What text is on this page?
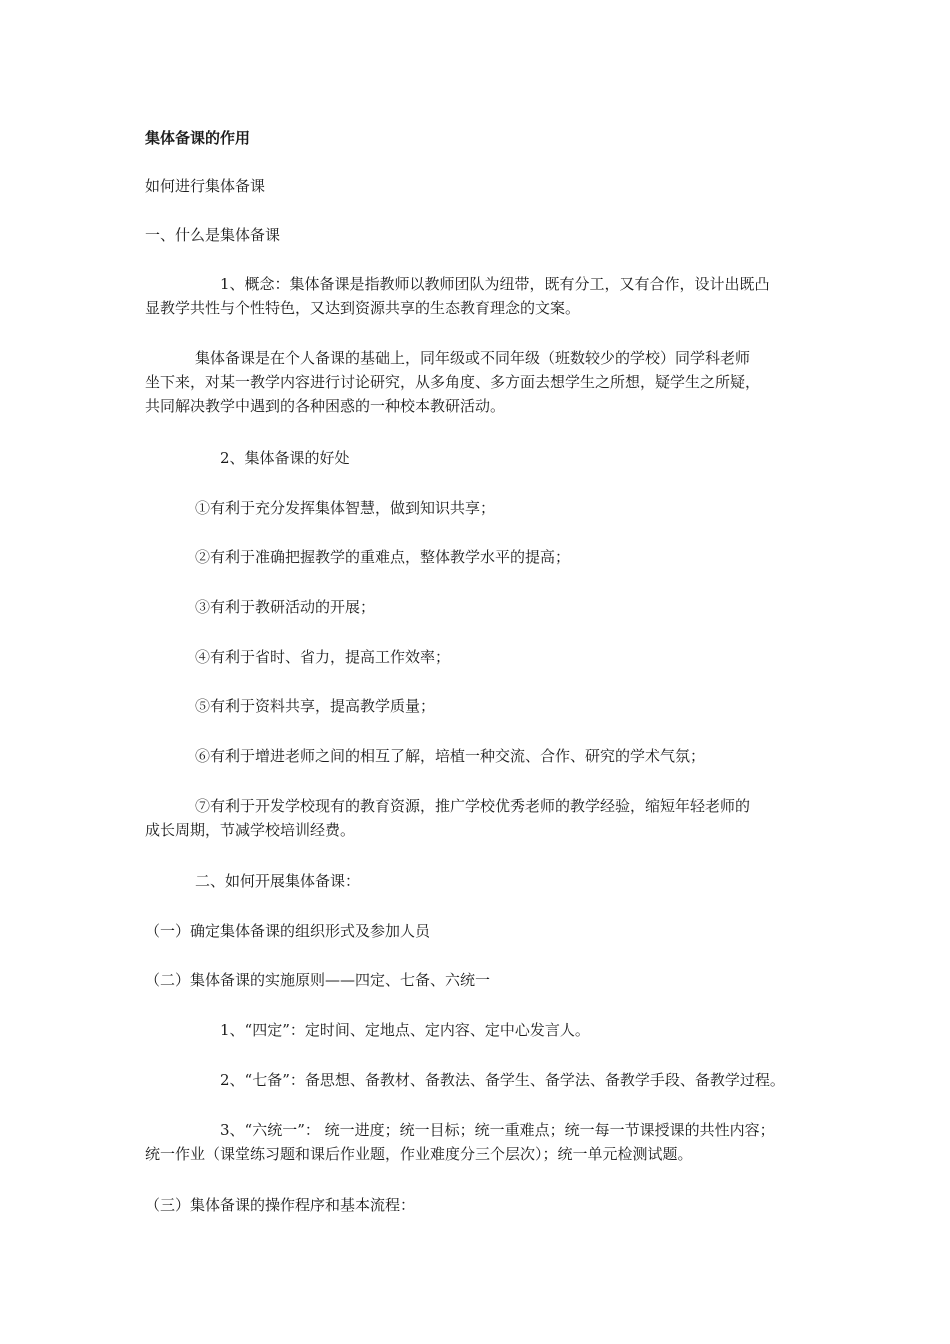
集体备课的作用
如何进行集体备课
一、什么是集体备课
1、概念：集体备课是指教师以教师团队为纽带，既有分工，又有合作，设计出既凸
显教学共性与个性特色，又达到资源共享的生态教育理念的文案。
集体备课是在个人备课的基础上，同年级或不同年级（班数较少的学校）同学科老师
坐下来，对某一教学内容进行讨论研究，从多角度、多方面去想学生之所想，疑学生之所疑，
共同解决教学中遇到的各种困惑的一种校本教研活动。
2、集体备课的好处
①有利于充分发挥集体智慧，做到知识共享；
②有利于准确把握教学的重难点，整体教学水平的提高；
③有利于教研活动的开展；
④有利于省时、省力，提高工作效率；
⑤有利于资料共享，提高教学质量；
⑥有利于增进老师之间的相互了解，培植一种交流、合作、研究的学术气氛；
⑦有利于开发学校现有的教育资源，推广学校优秀老师的教学经验，缩短年轻老师的
成长周期，节减学校培训经费。
二、如何开展集体备课：
（一）确定集体备课的组织形式及参加人员
（二）集体备课的实施原则——四定、七备、六统一
1、“四定”：定时间、定地点、定内容、定中心发言人。
2、“七备”：备思想、备教材、备教法、备学生、备学法、备教学手段、备教学过程。
3、“六统一”： 统一进度；统一目标；统一重难点；统一每一节课授课的共性内容；
统一作业（课堂练习题和课后作业题，作业难度分三个层次）；统一单元检测试题。
（三）集体备课的操作程序和基本流程：
